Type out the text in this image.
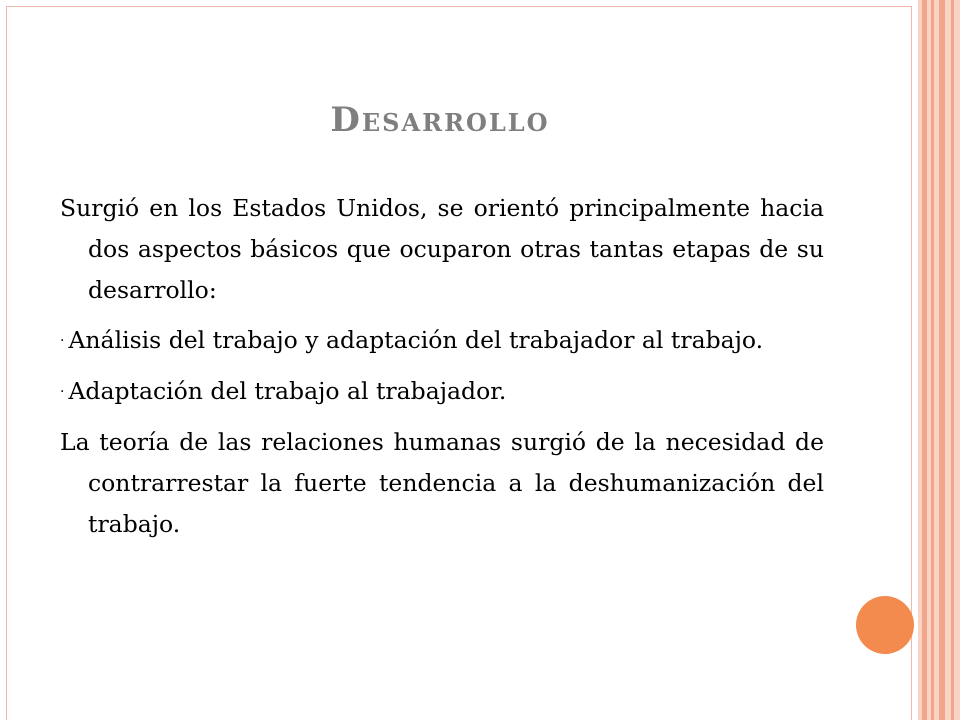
Desarrollo

Surgió en los Estados Unidos, se orientó principalmente hacia dos aspectos básicos que ocuparon otras tantas etapas de su desarrollo:

· Análisis del trabajo y adaptación del trabajador al trabajo.

· Adaptación del trabajo al trabajador.

La teoría de las relaciones humanas surgió de la necesidad de contrarrestar la fuerte tendencia a la deshumanización del trabajo.
